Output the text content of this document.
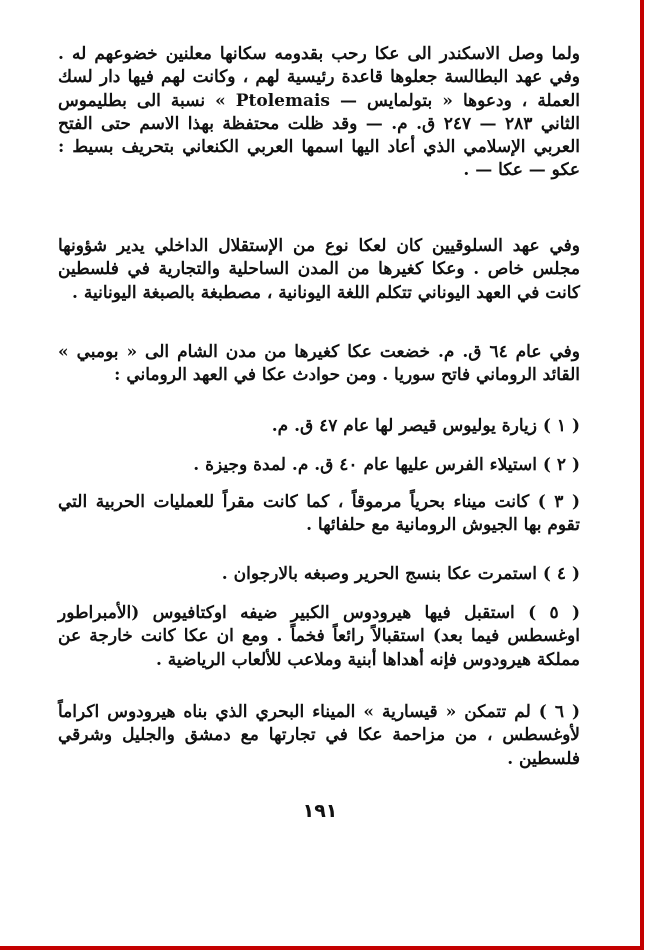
ولما وصل الاسكندر الى عكا رحب بقدومه سكانها معلنين خضوعهم له . وفي عهد البطالسة جعلوها قاعدة رئيسية لهم ، وكانت لهم فيها دار لسك العملة ، ودعوها « بتولمايس — Ptolemais » نسبة الى بطليموس الثاني ٢٨٣ — ٢٤٧ ق. م. — وقد ظلت محتفظة بهذا الاسم حتى الفتح العربي الإسلامي الذي أعاد اليها اسمها العربي الكنعاني بتحريف بسيط : عكو — عكا — .
وفي عهد السلوقيين كان لعكا نوع من الإستقلال الداخلي يدير شؤونها مجلس خاص . وعكا كغيرها من المدن الساحلية والتجارية في فلسطين كانت في العهد اليوناني تتكلم اللغة اليونانية ، مصطبغة بالصبغة اليونانية .
وفي عام ٦٤ ق. م. خضعت عكا كغيرها من مدن الشام الى « بومبي » القائد الروماني فاتح سوريا . ومن حوادث عكا في العهد الروماني :
( ١ ) زيارة يوليوس قيصر لها عام ٤٧ ق. م.
( ٢ ) استيلاء الفرس عليها عام ٤٠ ق. م. لمدة وجيزة .
( ٣ ) كانت ميناء بحرياً مرموقاً ، كما كانت مقراً للعمليات الحربية التي تقوم بها الجيوش الرومانية مع حلفائها .
( ٤ ) استمرت عكا بنسج الحرير وصبغه بالارجوان .
( ٥ ) استقبل فيها هيرودوس الكبير ضيفه اوكتافيوس (الأمبراطور اوغسطس فيما بعد) استقبالاً رائعاً فخماً . ومع ان عكا كانت خارجة عن مملكة هيرودوس فإنه أهداها أبنية وملاعب للألعاب الرياضية .
( ٦ ) لم تتمكن « قيسارية » الميناء البحري الذي بناه هيرودوس اكراماً لأوغسطس ، من مزاحمة عكا في تجارتها مع دمشق والجليل وشرقي فلسطين .
١٩١
